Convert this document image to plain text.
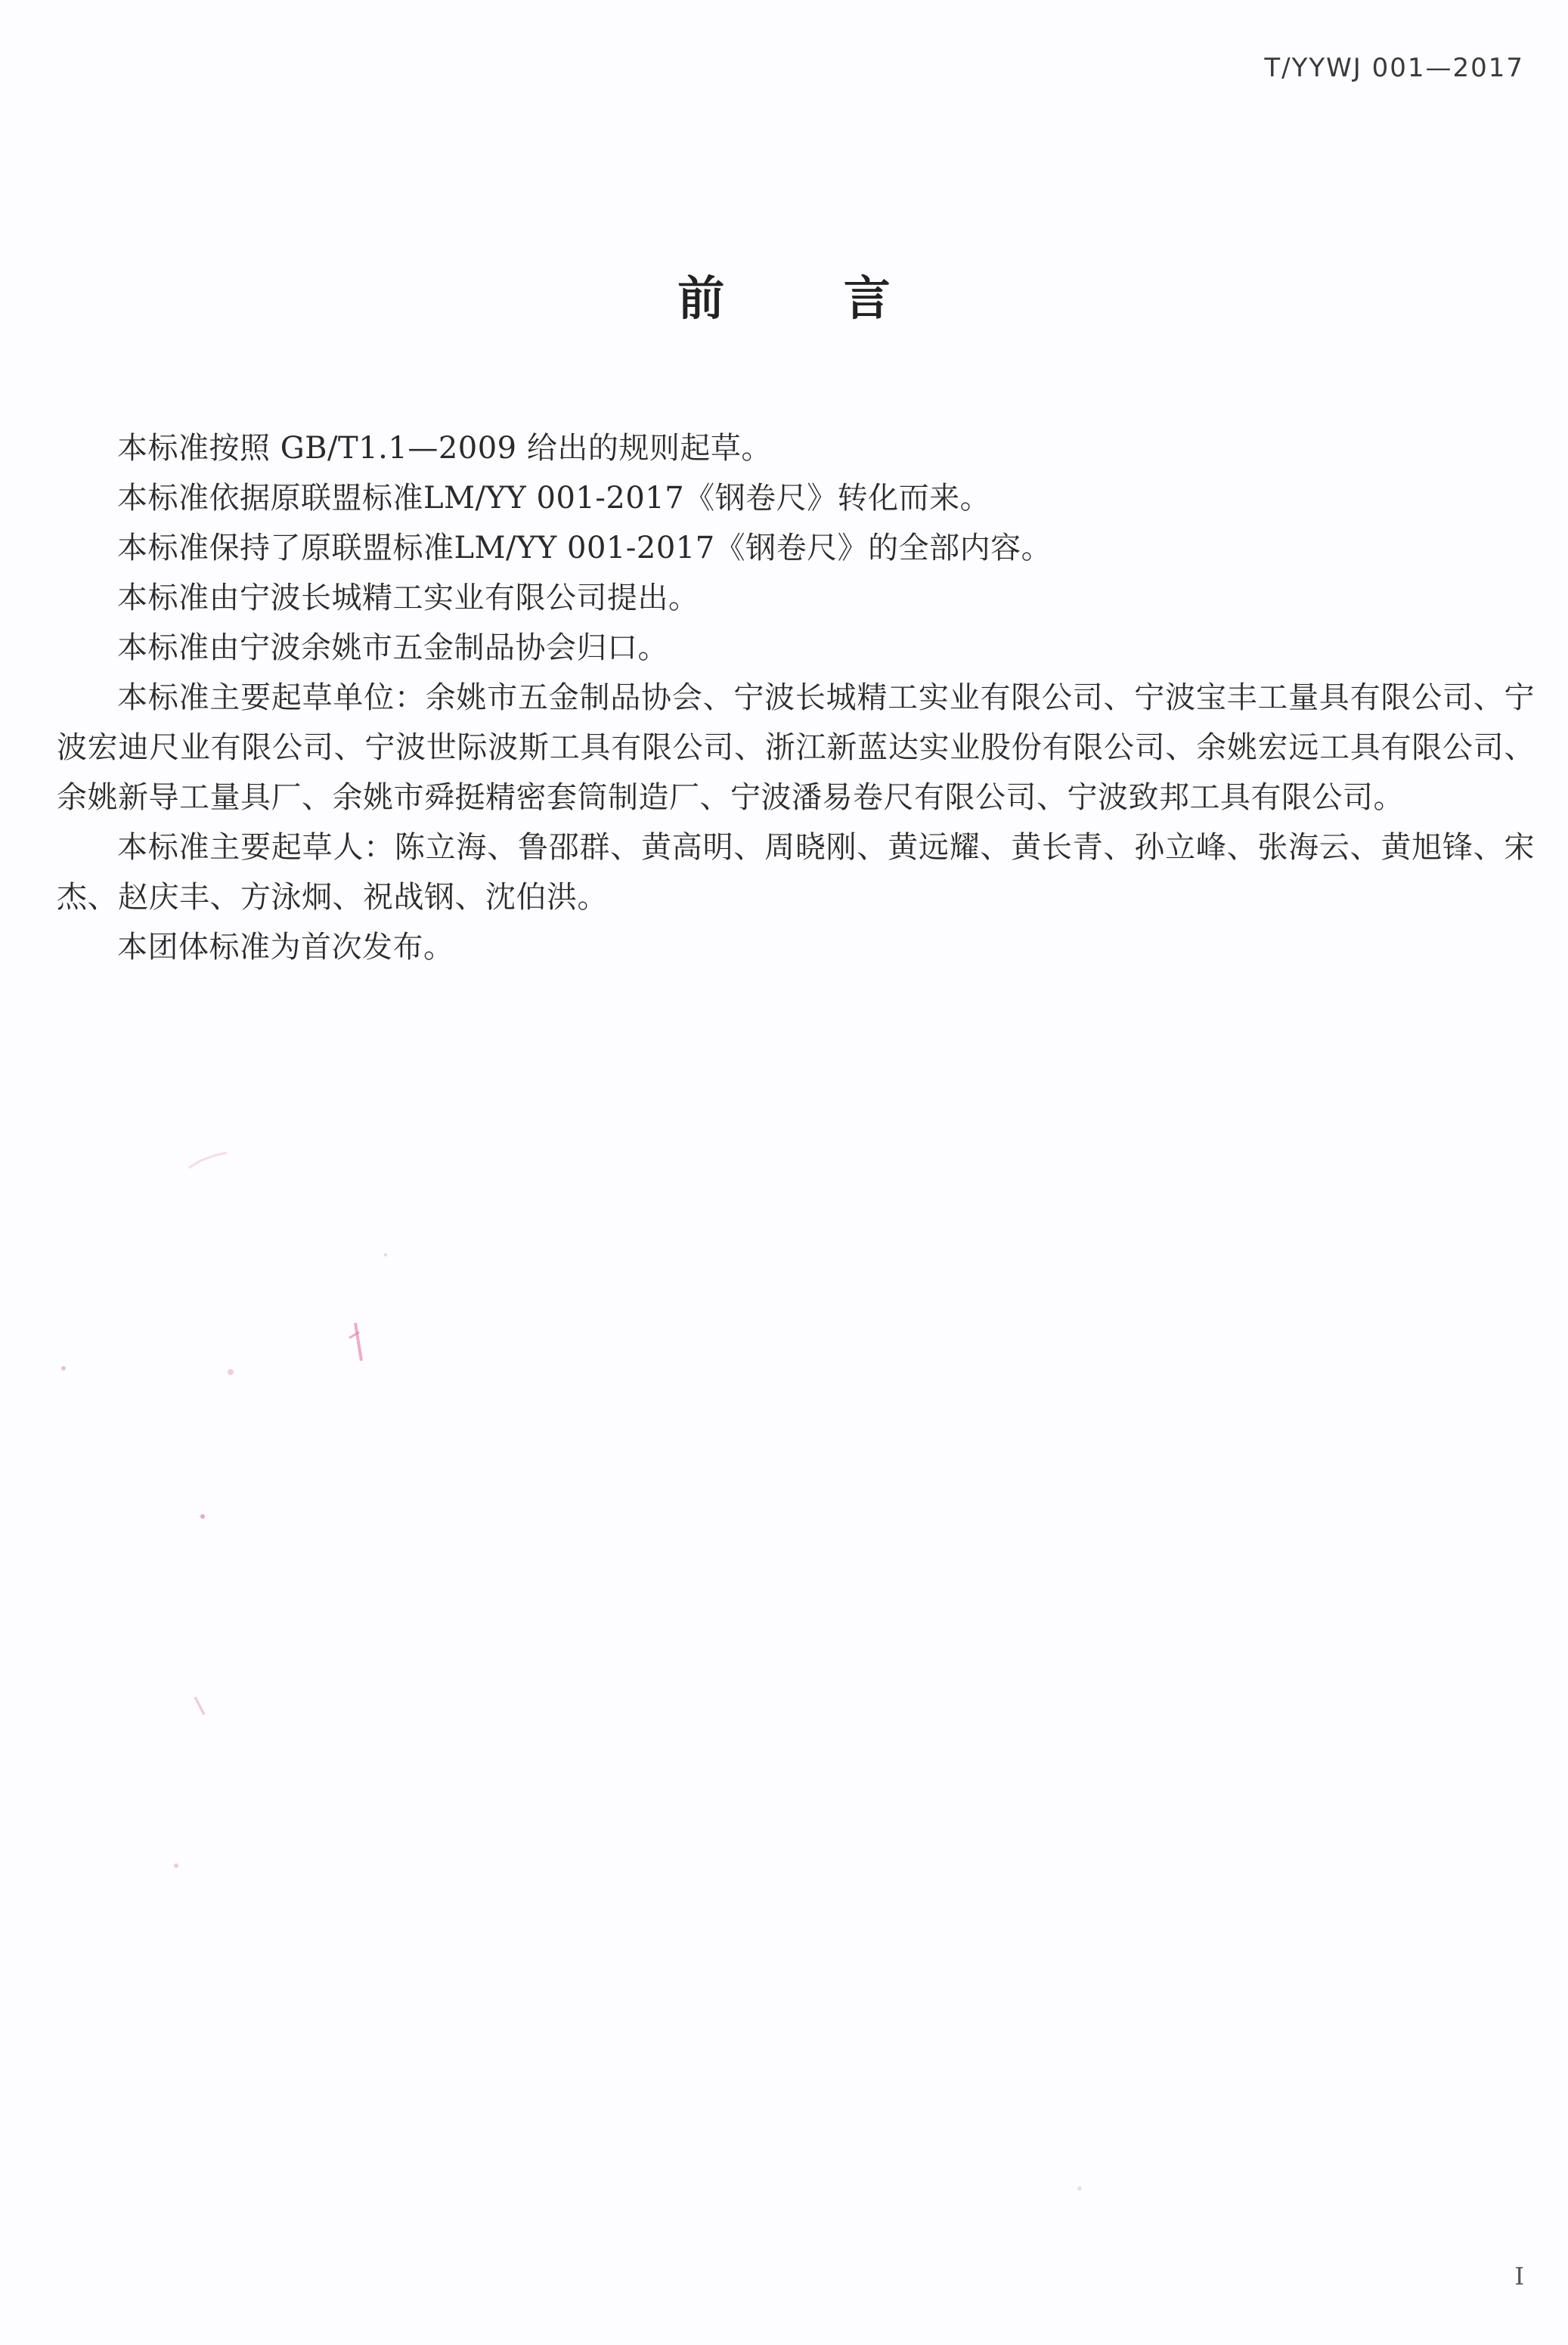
T/YYWJ 001—2017
前 言

本标准按照 GB/T1.1—2009 给出的规则起草。

本标准依据原联盟标准LM/YY 001-2017《钢卷尺》转化而来。

本标准保持了原联盟标准LM/YY 001-2017《钢卷尺》的全部内容。

本标准由宁波长城精工实业有限公司提出。

本标准由宁波余姚市五金制品协会归口。

本标准主要起草单位：余姚市五金制品协会、宁波长城精工实业有限公司、宁波宝丰工量具有限公司、宁波宏迪尺业有限公司、宁波世际波斯工具有限公司、浙江新蓝达实业股份有限公司、余姚宏远工具有限公司、余姚新导工量具厂、余姚市舜挺精密套筒制造厂、宁波潘易卷尺有限公司、宁波致邦工具有限公司。

本标准主要起草人：陈立海、鲁邵群、黄高明、周晓刚、黄远耀、黄长青、孙立峰、张海云、黄旭锋、宋杰、赵庆丰、方泳炯、祝战钢、沈伯洪。

本团体标准为首次发布。

I
